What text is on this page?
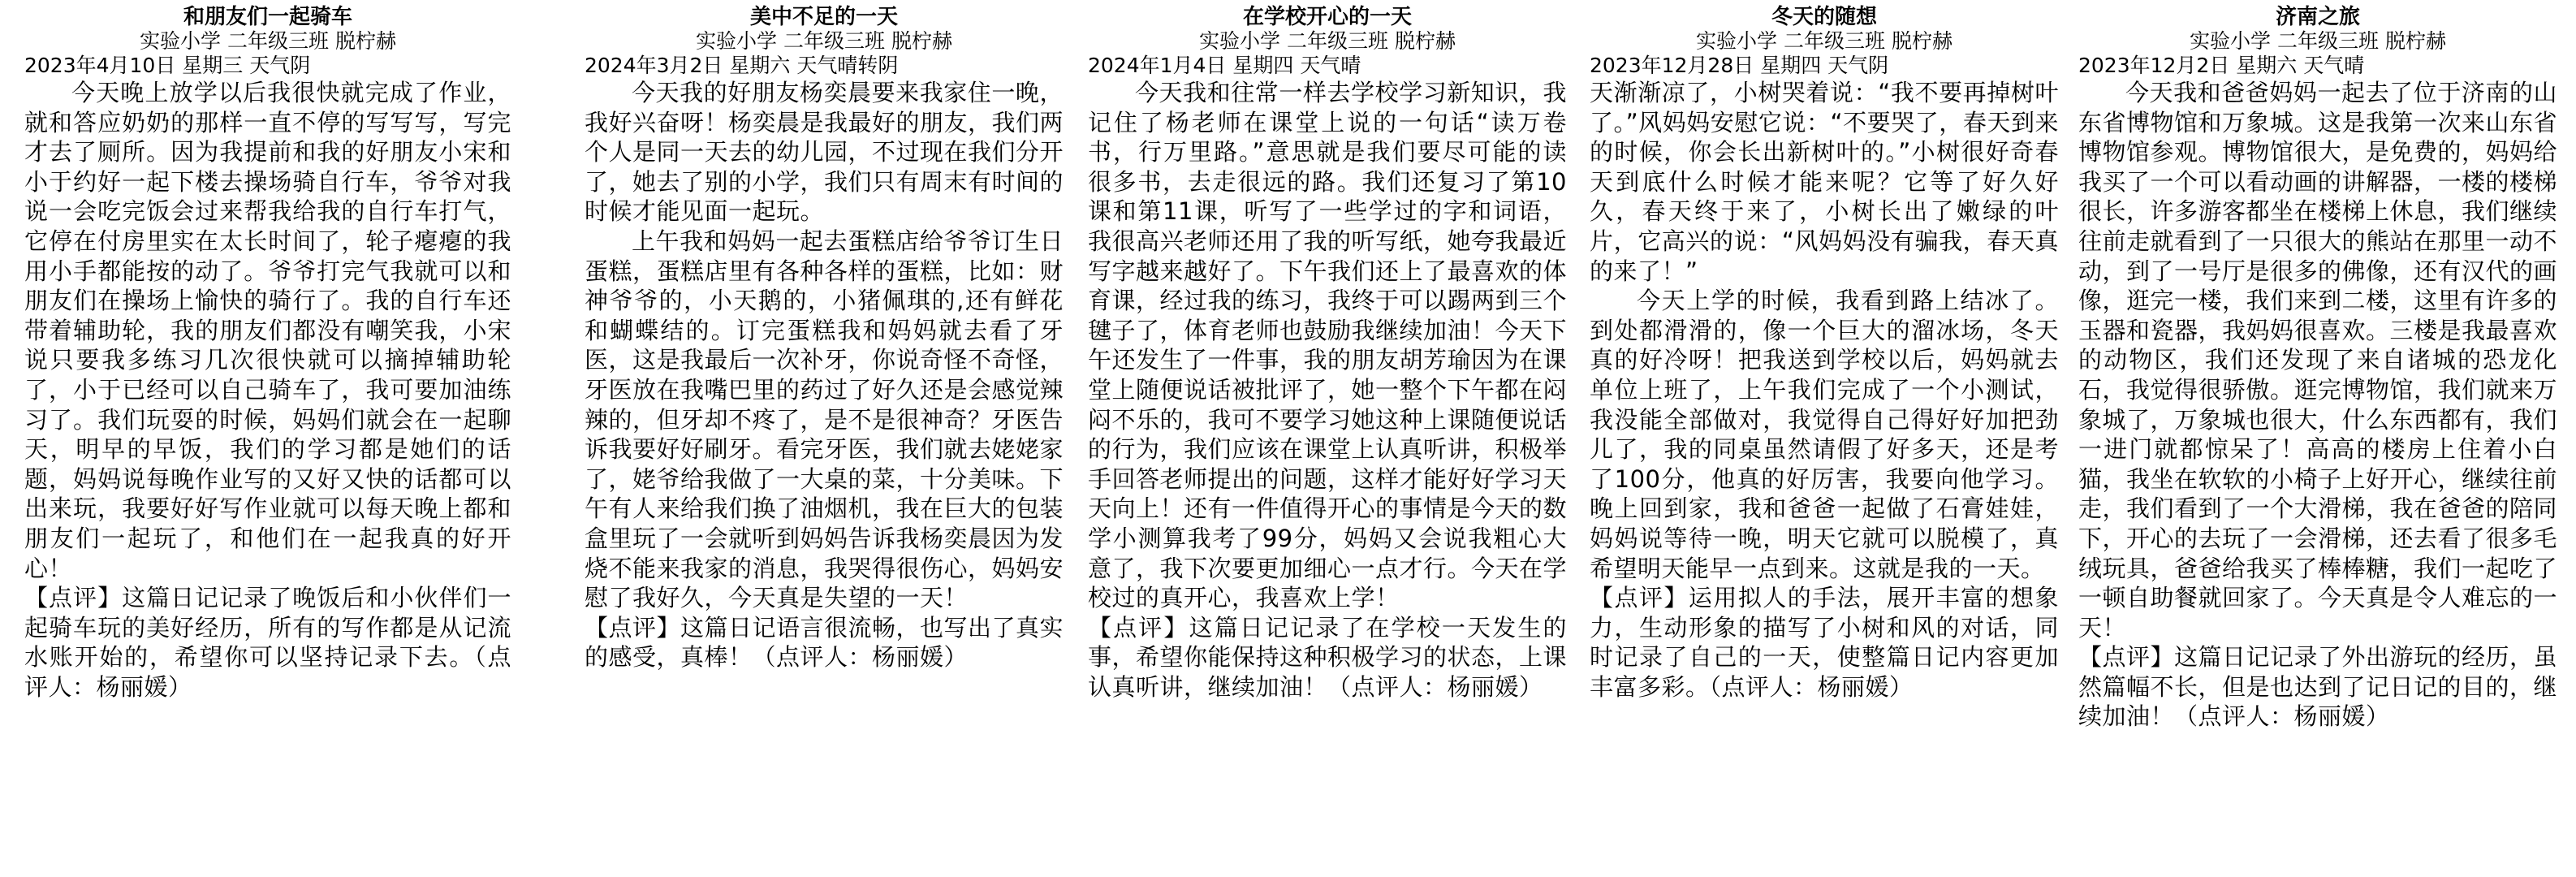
和朋友们一起骑车

实验小学 二年级三班 脱柠赫

2023年4月10日 星期三 天气阴

今天晚上放学以后我很快就完成了作业，就和答应奶奶的那样一直不停的写写写，写完才去了厕所。因为我提前和我的好朋友小宋和小于约好一起下楼去操场骑自行车，爷爷对我说一会吃完饭会过来帮我给我的自行车打气，它停在付房里实在太长时间了，轮子瘪瘪的我用小手都能按的动了。爷爷打完气我就可以和朋友们在操场上愉快的骑行了。我的自行车还带着辅助轮，我的朋友们都没有嘲笑我，小宋说只要我多练习几次很快就可以摘掉辅助轮了，小于已经可以自己骑车了，我可要加油练习了。我们玩耍的时候，妈妈们就会在一起聊天，明早的早饭，我们的学习都是她们的话题，妈妈说每晚作业写的又好又快的话都可以出来玩，我要好好写作业就可以每天晚上都和朋友们一起玩了，和他们在一起我真的好开心！

【点评】这篇日记记录了晚饭后和小伙伴们一起骑车玩的美好经历，所有的写作都是从记流水账开始的，希望你可以坚持记录下去。（点评人：杨丽媛）

美中不足的一天

实验小学 二年级三班 脱柠赫

2024年3月2日 星期六 天气晴转阴

今天我的好朋友杨奕晨要来我家住一晚，我好兴奋呀！杨奕晨是我最好的朋友，我们两个人是同一天去的幼儿园，不过现在我们分开了，她去了别的小学，我们只有周末有时间的时候才能见面一起玩。

上午我和妈妈一起去蛋糕店给爷爷订生日蛋糕，蛋糕店里有各种各样的蛋糕，比如：财神爷爷的，小天鹅的，小猪佩琪的,还有鲜花和蝴蝶结的。订完蛋糕我和妈妈就去看了牙医，这是我最后一次补牙，你说奇怪不奇怪，牙医放在我嘴巴里的药过了好久还是会感觉辣辣的，但牙却不疼了，是不是很神奇？牙医告诉我要好好刷牙。看完牙医，我们就去姥姥家了，姥爷给我做了一大桌的菜，十分美味。下午有人来给我们换了油烟机，我在巨大的包装盒里玩了一会就听到妈妈告诉我杨奕晨因为发烧不能来我家的消息，我哭得很伤心，妈妈安慰了我好久，今天真是失望的一天！

【点评】这篇日记语言很流畅，也写出了真实的感受，真棒！（点评人：杨丽媛）

在学校开心的一天

实验小学 二年级三班 脱柠赫

2024年1月4日 星期四 天气晴

今天我和往常一样去学校学习新知识，我记住了杨老师在课堂上说的一句话“读万卷书，行万里路。”意思就是我们要尽可能的读很多书，去走很远的路。我们还复习了第10课和第11课，听写了一些学过的字和词语，我很高兴老师还用了我的听写纸，她夸我最近写字越来越好了。下午我们还上了最喜欢的体育课，经过我的练习，我终于可以踢两到三个毽子了，体育老师也鼓励我继续加油！今天下午还发生了一件事，我的朋友胡芳瑜因为在课堂上随便说话被批评了，她一整个下午都在闷闷不乐的，我可不要学习她这种上课随便说话的行为，我们应该在课堂上认真听讲，积极举手回答老师提出的问题，这样才能好好学习天天向上！还有一件值得开心的事情是今天的数学小测算我考了99分，妈妈又会说我粗心大意了，我下次要更加细心一点才行。今天在学校过的真开心，我喜欢上学！

【点评】这篇日记记录了在学校一天发生的事，希望你能保持这种积极学习的状态，上课认真听讲，继续加油！（点评人：杨丽媛）

冬天的随想

实验小学 二年级三班 脱柠赫

2023年12月28日 星期四 天气阴

天渐渐凉了，小树哭着说：“我不要再掉树叶了。”风妈妈安慰它说：“不要哭了，春天到来的时候，你会长出新树叶的。”小树很好奇春天到底什么时候才能来呢？它等了好久好久，春天终于来了，小树长出了嫩绿的叶片，它高兴的说：“风妈妈没有骗我，春天真的来了！”

今天上学的时候，我看到路上结冰了。到处都滑滑的，像一个巨大的溜冰场，冬天真的好冷呀！把我送到学校以后，妈妈就去单位上班了，上午我们完成了一个小测试，我没能全部做对，我觉得自己得好好加把劲儿了，我的同桌虽然请假了好多天，还是考了100分，他真的好厉害，我要向他学习。晚上回到家，我和爸爸一起做了石膏娃娃，妈妈说等待一晚，明天它就可以脱模了，真希望明天能早一点到来。这就是我的一天。

【点评】运用拟人的手法，展开丰富的想象力，生动形象的描写了小树和风的对话，同时记录了自己的一天，使整篇日记内容更加丰富多彩。（点评人：杨丽媛）

济南之旅

实验小学 二年级三班 脱柠赫

2023年12月2日 星期六 天气晴

今天我和爸爸妈妈一起去了位于济南的山东省博物馆和万象城。这是我第一次来山东省博物馆参观。博物馆很大，是免费的，妈妈给我买了一个可以看动画的讲解器，一楼的楼梯很长，许多游客都坐在楼梯上休息，我们继续往前走就看到了一只很大的熊站在那里一动不动，到了一号厅是很多的佛像，还有汉代的画像，逛完一楼，我们来到二楼，这里有许多的玉器和瓷器，我妈妈很喜欢。三楼是我最喜欢的动物区，我们还发现了来自诸城的恐龙化石，我觉得很骄傲。逛完博物馆，我们就来万象城了，万象城也很大，什么东西都有，我们一进门就都惊呆了！高高的楼房上住着小白猫，我坐在软软的小椅子上好开心，继续往前走，我们看到了一个大滑梯，我在爸爸的陪同下，开心的去玩了一会滑梯，还去看了很多毛绒玩具，爸爸给我买了棒棒糖，我们一起吃了一顿自助餐就回家了。今天真是令人难忘的一天！

【点评】这篇日记记录了外出游玩的经历，虽然篇幅不长，但是也达到了记日记的目的，继续加油！（点评人：杨丽媛）
